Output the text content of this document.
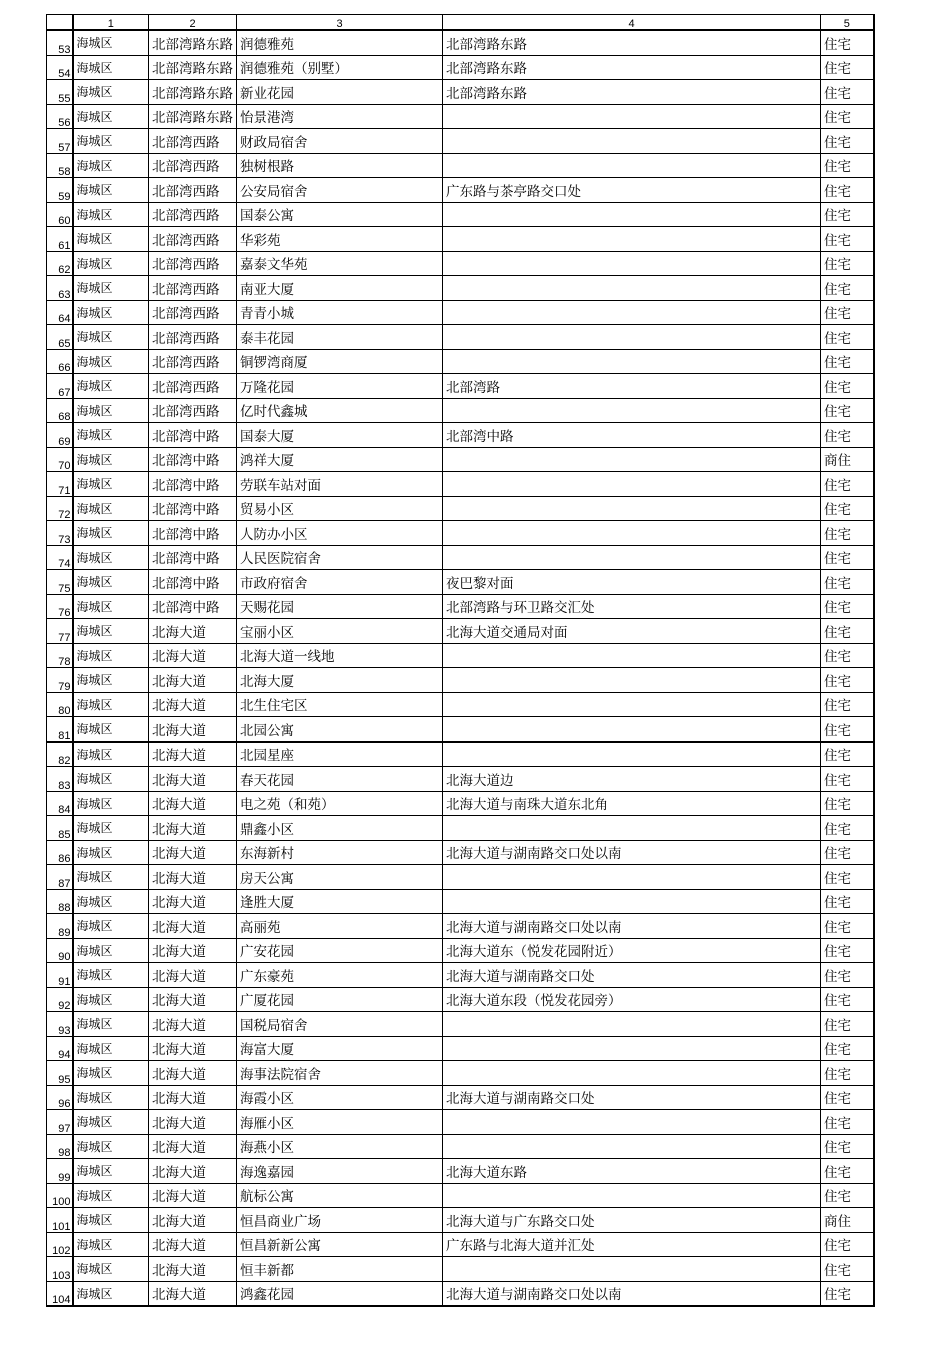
	1	2	3	4	5
53	海城区	北部湾路东路	润德雅苑	北部湾路东路	住宅
54	海城区	北部湾路东路	润德雅苑（别墅）	北部湾路东路	住宅
55	海城区	北部湾路东路	新业花园	北部湾路东路	住宅
56	海城区	北部湾路东路	怡景港湾		住宅
57	海城区	北部湾西路	财政局宿舍		住宅
58	海城区	北部湾西路	独树根路		住宅
59	海城区	北部湾西路	公安局宿舍	广东路与茶亭路交口处	住宅
60	海城区	北部湾西路	国泰公寓		住宅
61	海城区	北部湾西路	华彩苑		住宅
62	海城区	北部湾西路	嘉泰文华苑		住宅
63	海城区	北部湾西路	南亚大厦		住宅
64	海城区	北部湾西路	青青小城		住宅
65	海城区	北部湾西路	泰丰花园		住宅
66	海城区	北部湾西路	铜锣湾商厦		住宅
67	海城区	北部湾西路	万隆花园	北部湾路	住宅
68	海城区	北部湾西路	亿时代鑫城		住宅
69	海城区	北部湾中路	国泰大厦	北部湾中路	住宅
70	海城区	北部湾中路	鸿祥大厦		商住
71	海城区	北部湾中路	劳联车站对面		住宅
72	海城区	北部湾中路	贸易小区		住宅
73	海城区	北部湾中路	人防办小区		住宅
74	海城区	北部湾中路	人民医院宿舍		住宅
75	海城区	北部湾中路	市政府宿舍	夜巴黎对面	住宅
76	海城区	北部湾中路	天赐花园	北部湾路与环卫路交汇处	住宅
77	海城区	北海大道	宝丽小区	北海大道交通局对面	住宅
78	海城区	北海大道	北海大道一线地		住宅
79	海城区	北海大道	北海大厦		住宅
80	海城区	北海大道	北生住宅区		住宅
81	海城区	北海大道	北园公寓		住宅
82	海城区	北海大道	北园星座		住宅
83	海城区	北海大道	春天花园	北海大道边	住宅
84	海城区	北海大道	电之苑（和苑）	北海大道与南珠大道东北角	住宅
85	海城区	北海大道	鼎鑫小区		住宅
86	海城区	北海大道	东海新村	北海大道与湖南路交口处以南	住宅
87	海城区	北海大道	房天公寓		住宅
88	海城区	北海大道	逢胜大厦		住宅
89	海城区	北海大道	高丽苑	北海大道与湖南路交口处以南	住宅
90	海城区	北海大道	广安花园	北海大道东（悦发花园附近）	住宅
91	海城区	北海大道	广东豪苑	北海大道与湖南路交口处	住宅
92	海城区	北海大道	广厦花园	北海大道东段（悦发花园旁）	住宅
93	海城区	北海大道	国税局宿舍		住宅
94	海城区	北海大道	海富大厦		住宅
95	海城区	北海大道	海事法院宿舍		住宅
96	海城区	北海大道	海霞小区	北海大道与湖南路交口处	住宅
97	海城区	北海大道	海雁小区		住宅
98	海城区	北海大道	海燕小区		住宅
99	海城区	北海大道	海逸嘉园	北海大道东路	住宅
100	海城区	北海大道	航标公寓		住宅
101	海城区	北海大道	恒昌商业广场	北海大道与广东路交口处	商住
102	海城区	北海大道	恒昌新新公寓	广东路与北海大道并汇处	住宅
103	海城区	北海大道	恒丰新都		住宅
104	海城区	北海大道	鸿鑫花园	北海大道与湖南路交口处以南	住宅
